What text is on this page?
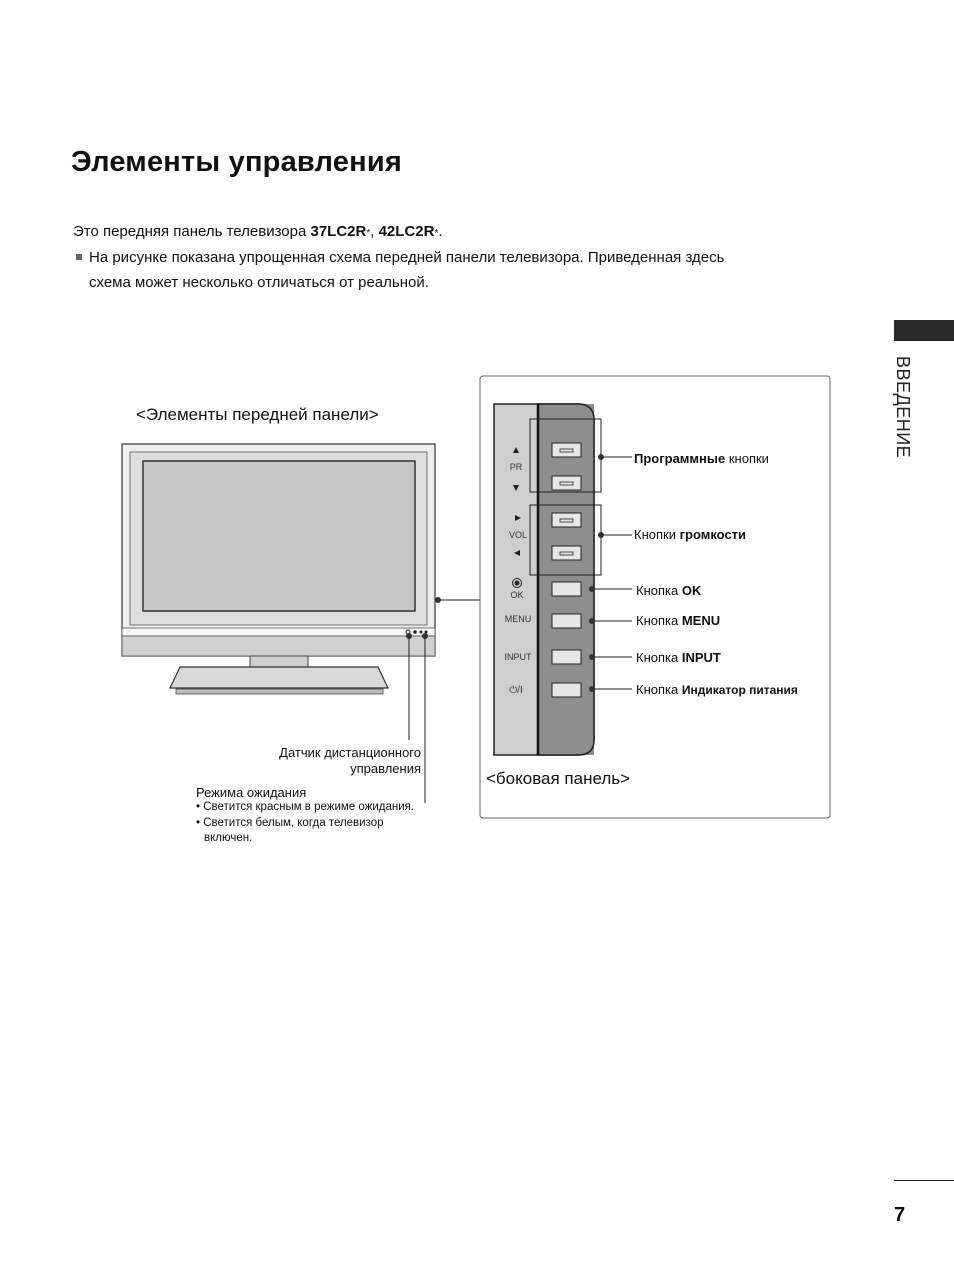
Элементы управления
Это передняя панель телевизора 37LC2R*, 42LC2R*.
На рисунке показана упрощенная схема передней панели телевизора. Приведенная здесь
схема может несколько отличаться от реальной.
ВВЕДЕНИЕ
<Элементы передней панели>
PR
VOL
OK
MENU
INPUT
⏻/I
Программные кнопки
Кнопки громкости
Кнопка OK
Кнопка MENU
Кнопка INPUT
Кнопка Индикатор питания
<боковая панель>
Датчик дистанционного
управления
Режима ожидания
• Светится красным в режиме ожидания.
• Светится белым, когда телевизор
включен.
7
